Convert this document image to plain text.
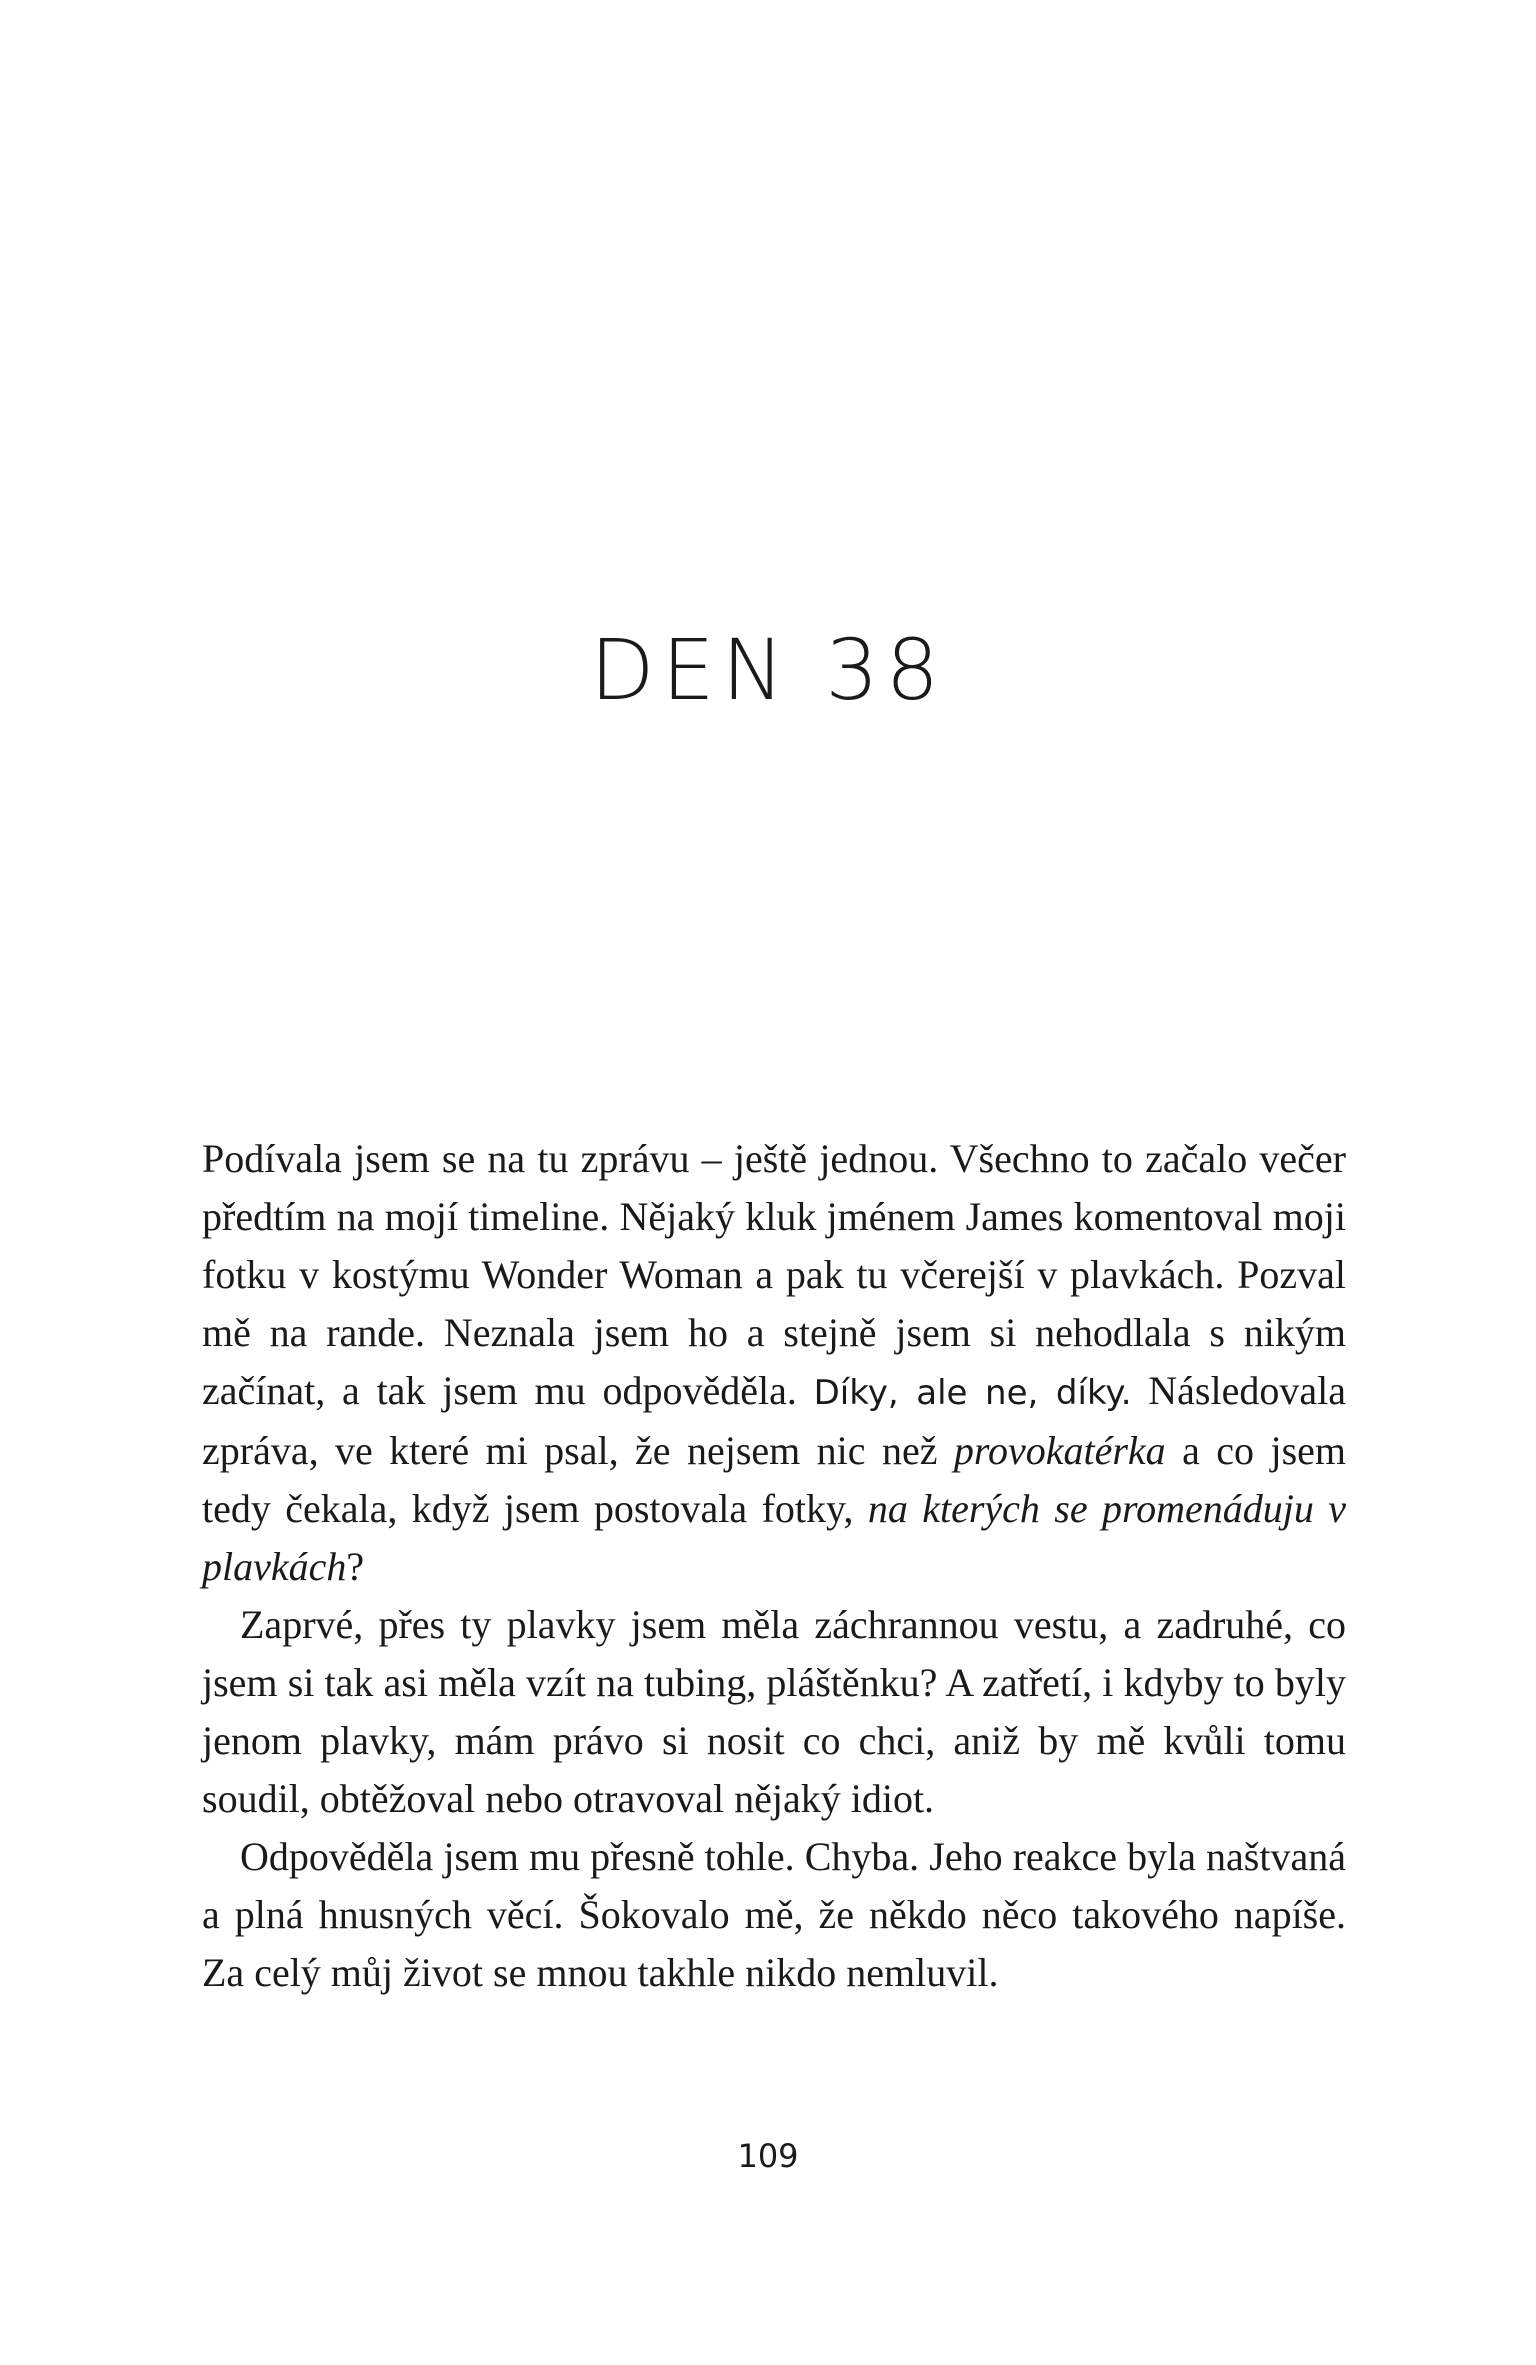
DEN 38

Podívala jsem se na tu zprávu – ještě jednou. Všechno to začalo večer předtím na mojí timeline. Nějaký kluk jménem James komentoval moji fotku v kostýmu Wonder Woman a pak tu včerejší v plavkách. Pozval mě na rande. Neznala jsem ho a stejně jsem si nehodlala s nikým začínat, a tak jsem mu odpověděla. Díky, ale ne, díky. Následovala zpráva, ve které mi psal, že nejsem nic než provokatérka a co jsem tedy čekala, když jsem postovala fotky, na kterých se promenáduju v plavkách?

Zaprvé, přes ty plavky jsem měla záchrannou vestu, a zadruhé, co jsem si tak asi měla vzít na tubing, pláštěnku? A zatřetí, i kdyby to byly jenom plavky, mám právo si nosit co chci, aniž by mě kvůli tomu soudil, obtěžoval nebo otravoval nějaký idiot.

Odpověděla jsem mu přesně tohle. Chyba. Jeho reakce byla naštvaná a plná hnusných věcí. Šokovalo mě, že někdo něco takového napíše. Za celý můj život se mnou takhle nikdo nemluvil.

109
